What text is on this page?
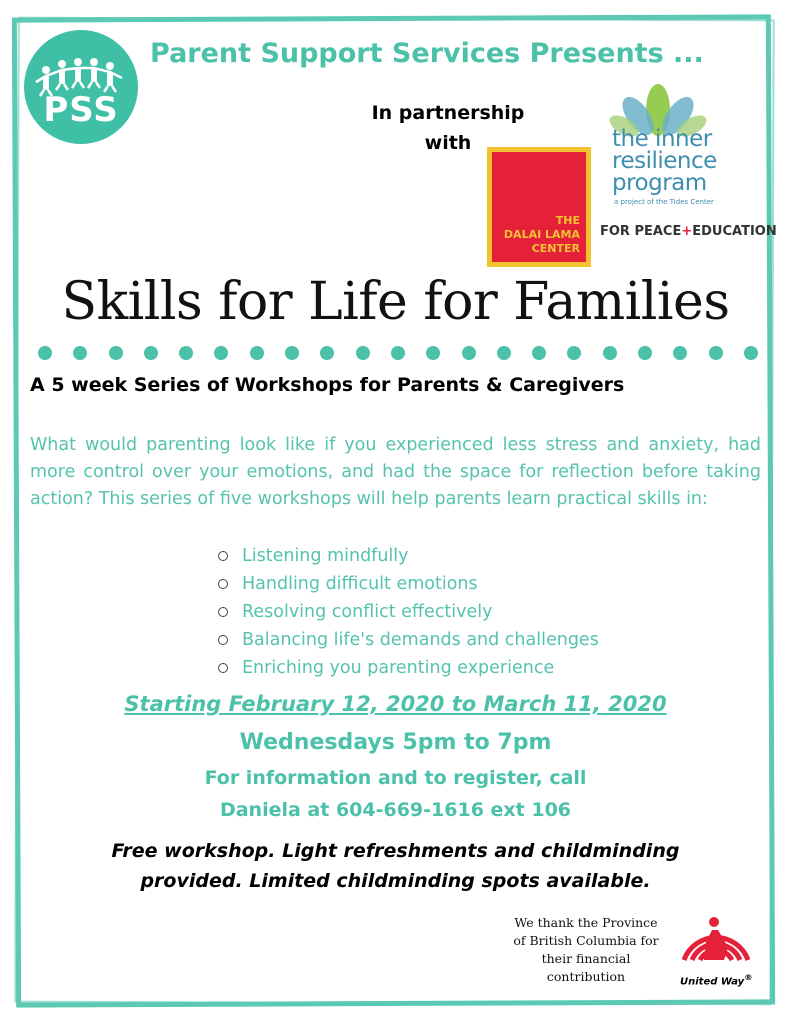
PSS
Parent Support Services Presents ...
In partnership
with
THE
DALAI LAMA
CENTER
the inner
resilience
program
a project of the Tides Center
FOR PEACE+EDUCATION
Skills for Life for Families
A 5 week Series of Workshops for Parents & Caregivers
What would parenting look like if you experienced less stress and anxiety, had more control over your emotions, and had the space for reflection before taking action? This series of five workshops will help parents learn practical skills in:
Listening mindfully
Handling difficult emotions
Resolving conflict effectively
Balancing life's demands and challenges
Enriching you parenting experience
Starting February 12, 2020 to March 11, 2020
Wednesdays 5pm to 7pm
For information and to register, call
Daniela at 604-669-1616 ext 106
Free workshop. Light refreshments and childminding
provided. Limited childminding spots available.
We thank the Province
of British Columbia for
their financial
contribution	United Way®
